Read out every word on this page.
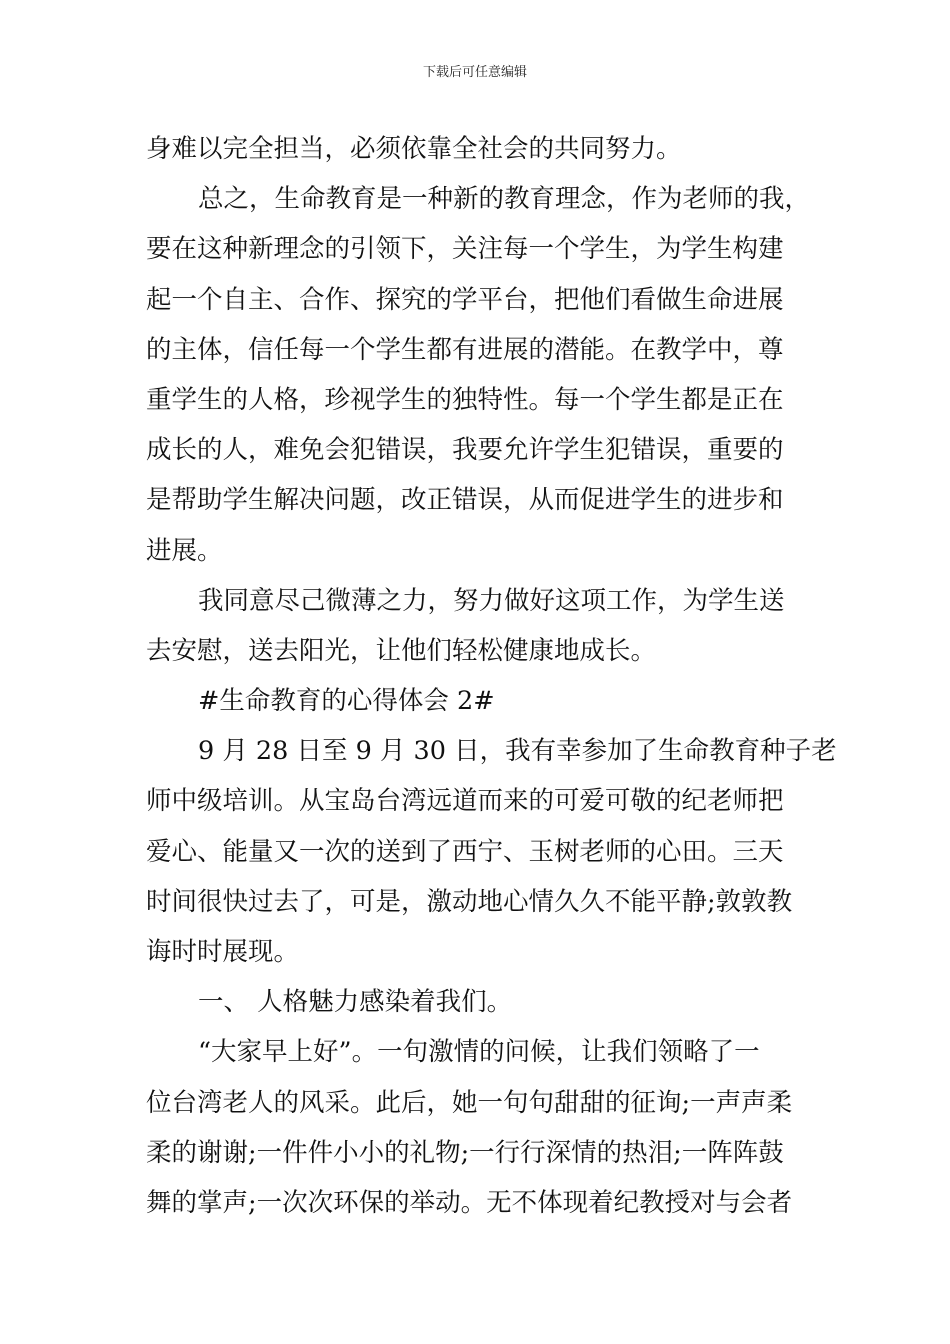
下载后可任意编辑
身难以完全担当，必须依靠全社会的共同努力。
总之，生命教育是一种新的教育理念，作为老师的我，
要在这种新理念的引领下，关注每一个学生，为学生构建
起一个自主、合作、探究的学平台，把他们看做生命进展
的主体，信任每一个学生都有进展的潜能。在教学中，尊
重学生的人格，珍视学生的独特性。每一个学生都是正在
成长的人，难免会犯错误，我要允许学生犯错误，重要的
是帮助学生解决问题，改正错误，从而促进学生的进步和
进展。
我同意尽己微薄之力，努力做好这项工作，为学生送
去安慰，送去阳光，让他们轻松健康地成长。
#生命教育的心得体会 2#
9 月 28 日至 9 月 30 日，我有幸参加了生命教育种子老
师中级培训。从宝岛台湾远道而来的可爱可敬的纪老师把
爱心、能量又一次的送到了西宁、玉树老师的心田。三天
时间很快过去了，可是，激动地心情久久不能平静;敦敦教
诲时时展现。
一、 人格魅力感染着我们。
“大家早上好”。一句激情的问候，让我们领略了一
位台湾老人的风采。此后，她一句句甜甜的征询;一声声柔
柔的谢谢;一件件小小的礼物;一行行深情的热泪;一阵阵鼓
舞的掌声;一次次环保的举动。无不体现着纪教授对与会者
